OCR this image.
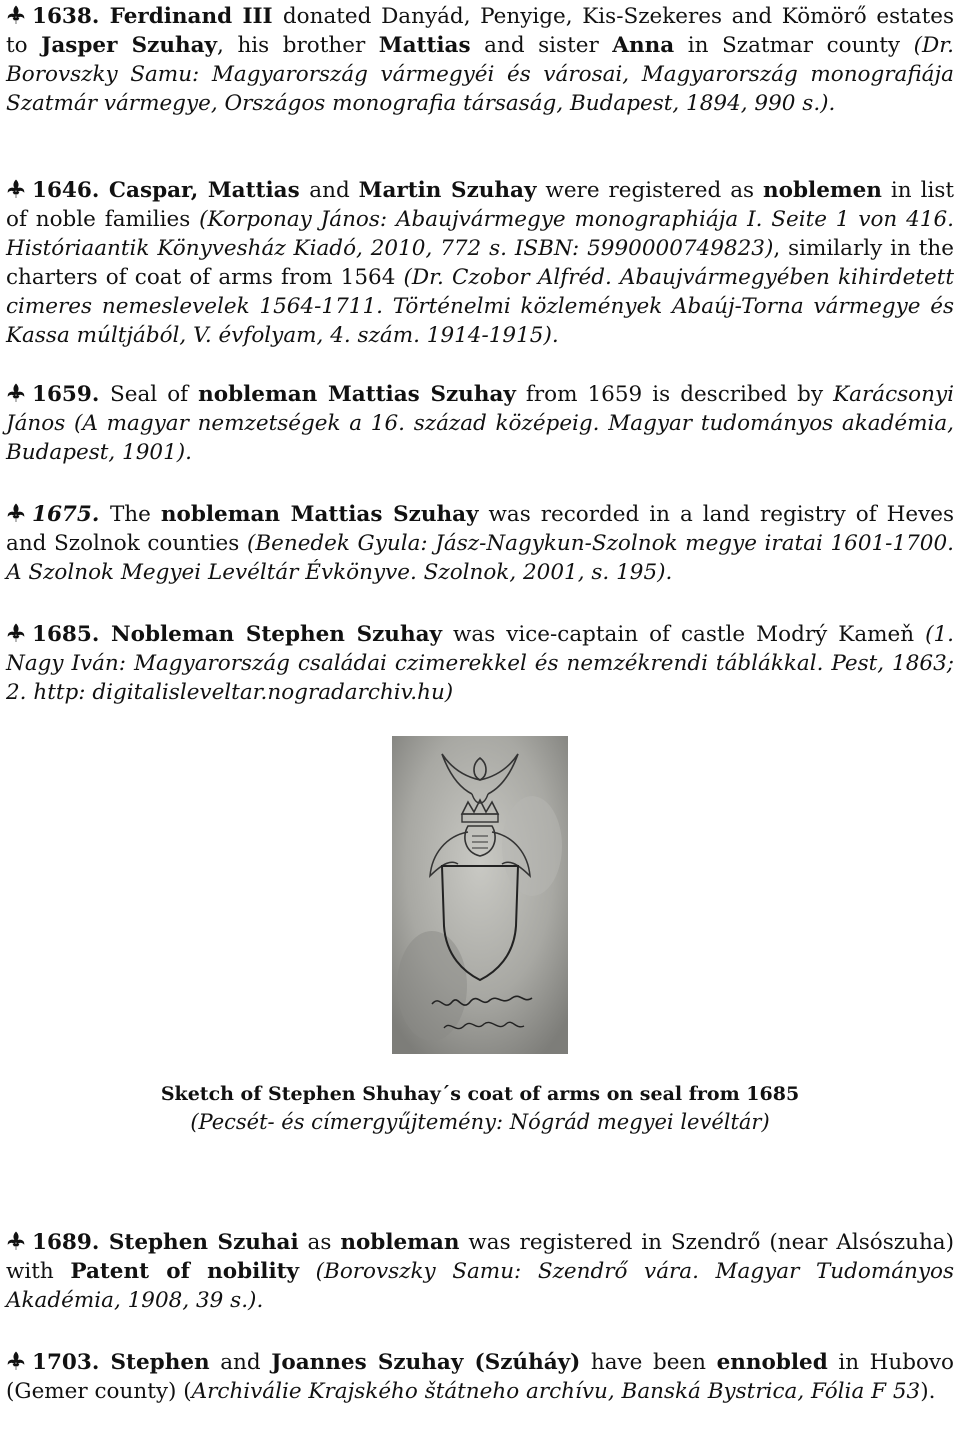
1638. Ferdinand III donated Danyád, Penyige, Kis-Szekeres and Kömörő estates to Jasper Szuhay, his brother Mattias and sister Anna in Szatmar county (Dr. Borovszky Samu: Magyarország vármegyéi és városai, Magyarország monografiája Szatmár vármegye, Országos monografia társaság, Budapest, 1894, 990 s.).
1646. Caspar, Mattias and Martin Szuhay were registered as noblemen in list of noble families (Korponay János: Abaujvármegye monographiája I. Seite 1 von 416. Históriaantik Könyvesház Kiadó, 2010, 772 s. ISBN: 5990000749823), similarly in the charters of coat of arms from 1564 (Dr. Czobor Alfréd. Abaujvármegyében kihirdetett cimeres nemeslevelek 1564-1711. Történelmi közlemények Abaúj-Torna vármegye és Kassa múltjából, V. évfolyam, 4. szám. 1914-1915).
1659. Seal of nobleman Mattias Szuhay from 1659 is described by Karácsonyi János (A magyar nemzetségek a 16. század középeig. Magyar tudományos akadémia, Budapest, 1901).
1675. The nobleman Mattias Szuhay was recorded in a land registry of Heves and Szolnok counties (Benedek Gyula: Jász-Nagykun-Szolnok megye iratai 1601-1700. A Szolnok Megyei Levéltár Évkönyve. Szolnok, 2001, s. 195).
1685. Nobleman Stephen Szuhay was vice-captain of castle Modrý Kameň (1. Nagy Iván: Magyarország családai czimerekkel és nemzékrendi táblákkal. Pest, 1863; 2. http: digitalisleveltar.nogradarchiv.hu)
Sketch of Stephen Shuhay´s coat of arms on seal from 1685
(Pecsét- és címergyűjtemény: Nógrád megyei levéltár)
1689. Stephen Szuhai as nobleman was registered in Szendrő (near Alsószuha) with Patent of nobility (Borovszky Samu: Szendrő vára. Magyar Tudományos Akadémia, 1908, 39 s.).
1703. Stephen and Joannes Szuhay (Szúháy) have been ennobled in Hubovo (Gemer county) (Archiválie Krajského štátneho archívu, Banská Bystrica, Fólia F 53).
